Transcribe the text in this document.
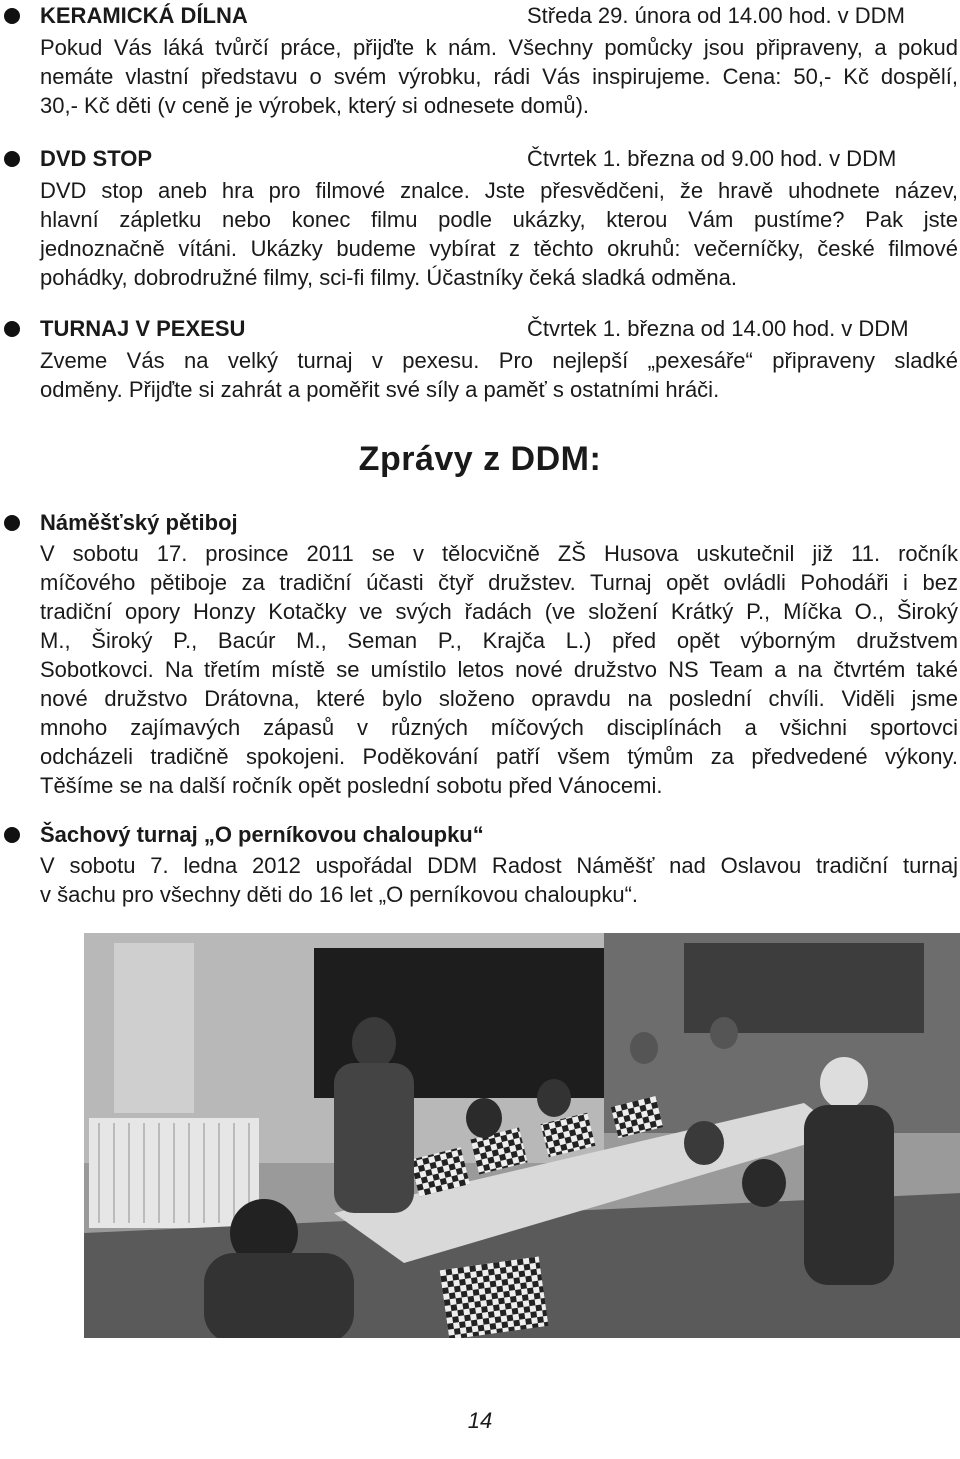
KERAMICKÁ DÍLNA	Středa 29. února od 14.00 hod. v DDM
Pokud Vás láká tvůrčí práce, přijďte k nám. Všechny pomůcky jsou připraveny, a pokud
nemáte vlastní představu o svém výrobku, rádi Vás inspirujeme. Cena: 50,- Kč dospělí,
30,- Kč děti (v ceně je výrobek, který si odnesete domů).
DVD STOP	Čtvrtek 1. března od 9.00 hod. v DDM
DVD stop aneb hra pro filmové znalce. Jste přesvědčeni, že hravě uhodnete název,
hlavní zápletku nebo konec filmu podle ukázky, kterou Vám pustíme? Pak jste
jednoznačně vítáni. Ukázky budeme vybírat z těchto okruhů: večerníčky, české filmové
pohádky, dobrodružné filmy, sci-fi filmy. Účastníky čeká sladká odměna.
TURNAJ V PEXESU	Čtvrtek 1. března od 14.00 hod. v DDM
Zveme Vás na velký turnaj v pexesu. Pro nejlepší „pexesáře“ připraveny sladké
odměny. Přijďte si zahrát a poměřit své síly a paměť s ostatními hráči.
Zprávy z DDM:
Náměšťský pětiboj
V sobotu 17. prosince 2011 se v tělocvičně ZŠ Husova uskutečnil již 11. ročník
míčového pětiboje za tradiční účasti čtyř družstev. Turnaj opět ovládli Pohodáři i bez
tradiční opory Honzy Kotačky ve svých řadách (ve složení Krátký P., Míčka O., Široký
M., Široký P., Bacúr M., Seman P., Krajča L.) před opět výborným družstvem
Sobotkovci. Na třetím místě se umístilo letos nové družstvo NS Team a na čtvrtém také
nové družstvo Drátovna, které bylo složeno opravdu na poslední chvíli. Viděli jsme
mnoho zajímavých zápasů v různých míčových disciplínách a všichni sportovci
odcházeli tradičně spokojeni. Poděkování patří všem týmům za předvedené výkony.
Těšíme se na další ročník opět poslední sobotu před Vánocemi.
Šachový turnaj „O perníkovou chaloupku“
V sobotu 7. ledna 2012 uspořádal DDM Radost Náměšť nad Oslavou tradiční turnaj
v šachu pro všechny děti do 16 let „O perníkovou chaloupku“.
14
